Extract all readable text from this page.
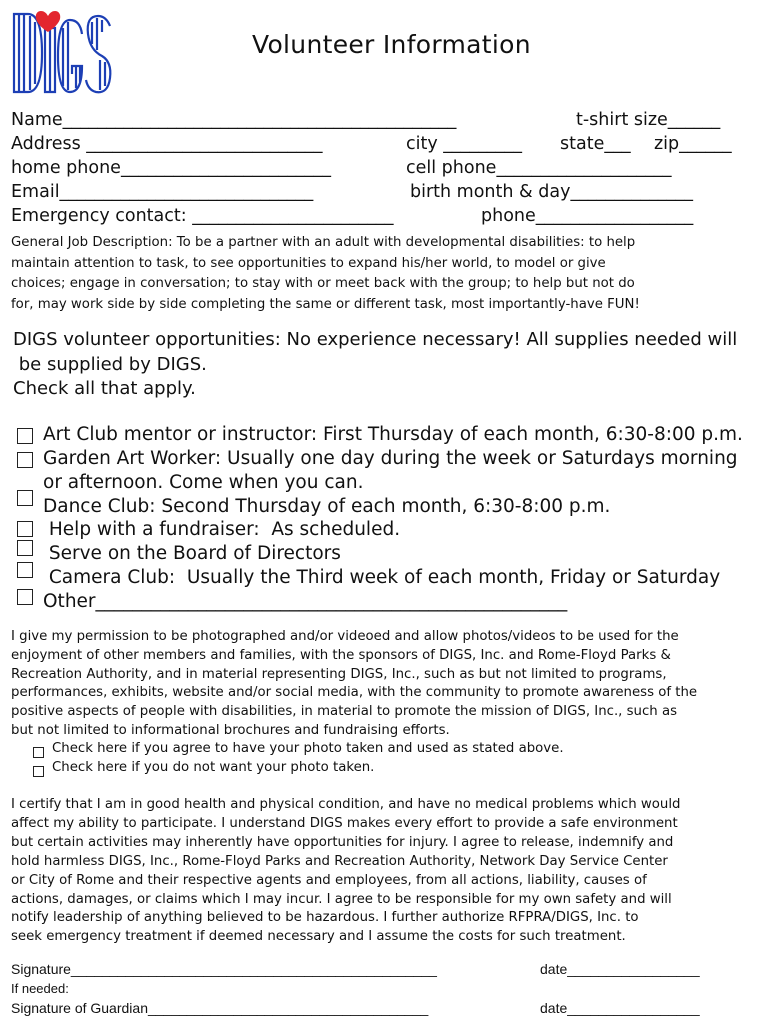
Volunteer Information
Name_____________________________________________	t-shirt size______
Address ___________________________	city _________ state___ zip______
home phone________________________	cell phone____________________
Email_____________________________	birth month & day______________
Emergency contact: _______________________	phone__________________
General Job Description: To be a partner with an adult with developmental disabilities: to help
maintain attention to task, to see opportunities to expand his/her world, to model or give
choices; engage in conversation; to stay with or meet back with the group; to help but not do
for, may work side by side completing the same or different task, most importantly-have FUN!
DIGS volunteer opportunities: No experience necessary! All supplies needed will
be supplied by DIGS.
Check all that apply.
Art Club mentor or instructor: First Thursday of each month, 6:30-8:00 p.m.
Garden Art Worker: Usually one day during the week or Saturdays morning
or afternoon. Come when you can.
Dance Club: Second Thursday of each month, 6:30-8:00 p.m.
Help with a fundraiser:  As scheduled.
Serve on the Board of Directors
Camera Club:  Usually the Third week of each month, Friday or Saturday
Other___________________________________________________
I give my permission to be photographed and/or videoed and allow photos/videos to be used for the
enjoyment of other members and families, with the sponsors of DIGS, Inc. and Rome-Floyd Parks &
Recreation Authority, and in material representing DIGS, Inc., such as but not limited to programs,
performances, exhibits, website and/or social media, with the community to promote awareness of the
positive aspects of people with disabilities, in material to promote the mission of DIGS, Inc., such as
but not limited to informational brochures and fundraising efforts.
Check here if you agree to have your photo taken and used as stated above.
Check here if you do not want your photo taken.
I certify that I am in good health and physical condition, and have no medical problems which would
affect my ability to participate. I understand DIGS makes every effort to provide a safe environment
but certain activities may inherently have opportunities for injury. I agree to release, indemnify and
hold harmless DIGS, Inc., Rome-Floyd Parks and Recreation Authority, Network Day Service Center
or City of Rome and their respective agents and employees, from all actions, liability, causes of
actions, damages, or claims which I may incur. I agree to be responsible for my own safety and will
notify leadership of anything believed to be hazardous. I further authorize RFPRA/DIGS, Inc. to
seek emergency treatment if deemed necessary and I assume the costs for such treatment.
Signature_______________________________________________	date_________________
If needed:
Signature of Guardian____________________________________	date_________________
